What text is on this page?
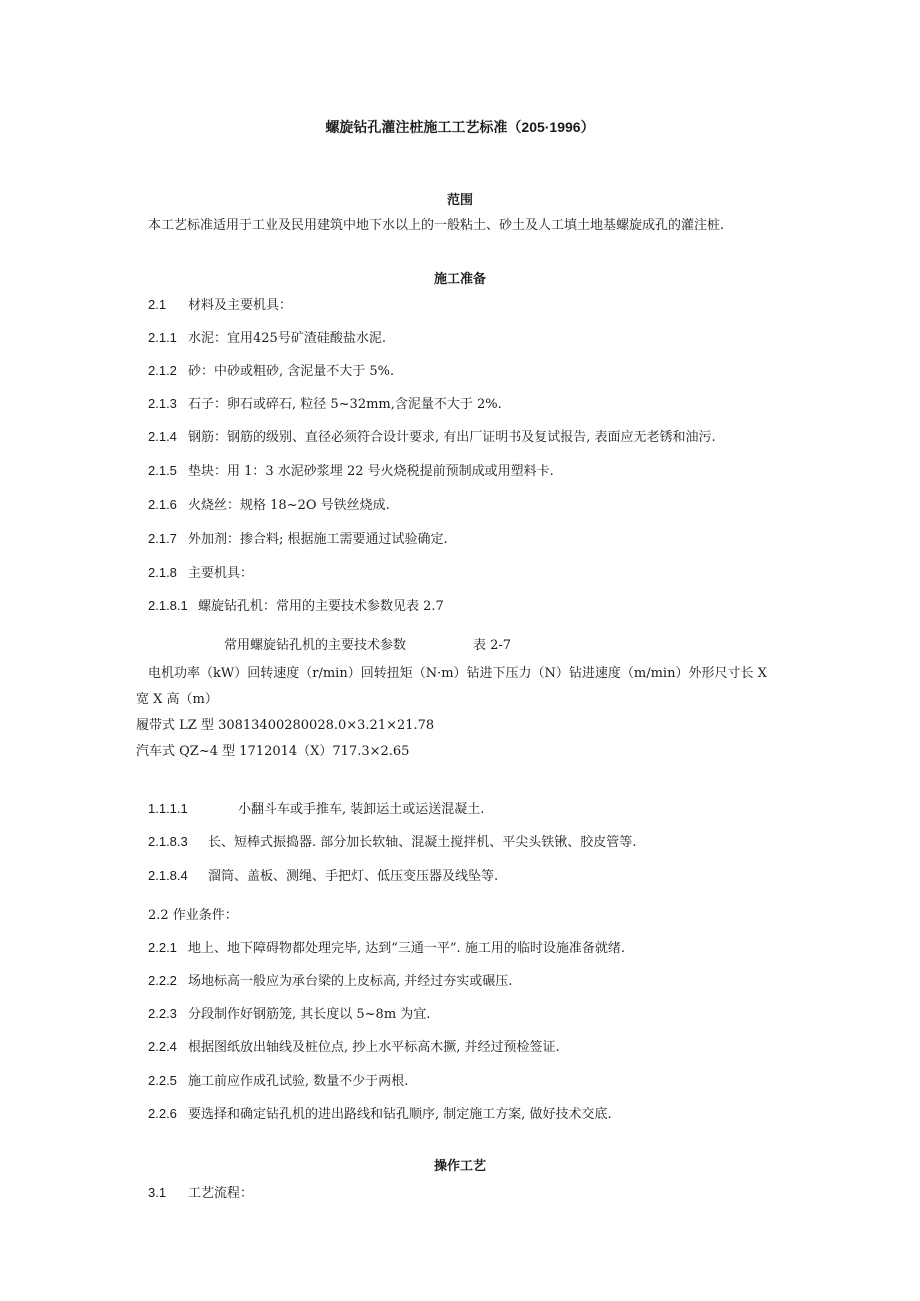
螺旋钻孔灌注桩施工工艺标准（205·1996）
范围
本工艺标准适用于工业及民用建筑中地下水以上的一般粘土、砂土及人工填土地基螺旋成孔的灌注桩.
施工准备
2.1 材料及主要机具：
2.1.1 水泥：宜用425号矿渣硅酸盐水泥.
2.1.2 砂：中砂或粗砂, 含泥量不大于 5%.
2.1.3 石子：卵石或碎石, 粒径 5~32mm,含泥量不大于 2%.
2.1.4 钢筋：钢筋的级别、直径必须符合设计要求, 有出厂证明书及复试报告, 表面应无老锈和油污.
2.1.5 垫块：用 1：3 水泥砂浆埋 22 号火烧税提前预制成或用塑料卡.
2.1.6 火烧丝：规格 18~2O 号铁丝烧成.
2.1.7 外加剂：掺合料; 根据施工需要通过试验确定.
2.1.8 主要机具：
2.1.8.1 螺旋钻孔机：常用的主要技术参数见表 2.7
常用螺旋钻孔机的主要技术参数	表 2-7
电机功率（kW）回转速度（r/min）回转扭矩（N·m）钻进下压力（N）钻进速度（m/min）外形尺寸长 X
宽 X 高（m）
履带式 LZ 型 30813400280028.0×3.21×21.78
汽车式 QZ~4 型 1712014（X）717.3×2.65
1.1.1.1	小翻斗车或手推车, 装卸运土或运送混凝土.
2.1.8.3 长、短棒式振捣器. 部分加长软轴、混凝土搅拌机、平尖头铁锹、胶皮管等.
2.1.8.4 溜筒、盖板、测绳、手把灯、低压变压器及线坠等.
2.2 作业条件：
2.2.1 地上、地下障碍物都处理完毕, 达到“三通一平”. 施工用的临时设施准备就绪.
2.2.2 场地标高一般应为承台梁的上皮标高, 并经过夯实或碾压.
2.2.3 分段制作好钢筋笼, 其长度以 5~8m 为宜.
2.2.4 根据图纸放出轴线及桩位点, 抄上水平标高木撅, 并经过预检签证.
2.2.5 施工前应作成孔试验, 数量不少于两根.
2.2.6 要选择和确定钻孔机的进出路线和钻孔顺序, 制定施工方案, 做好技术交底.
操作工艺
3.1 工艺流程：
